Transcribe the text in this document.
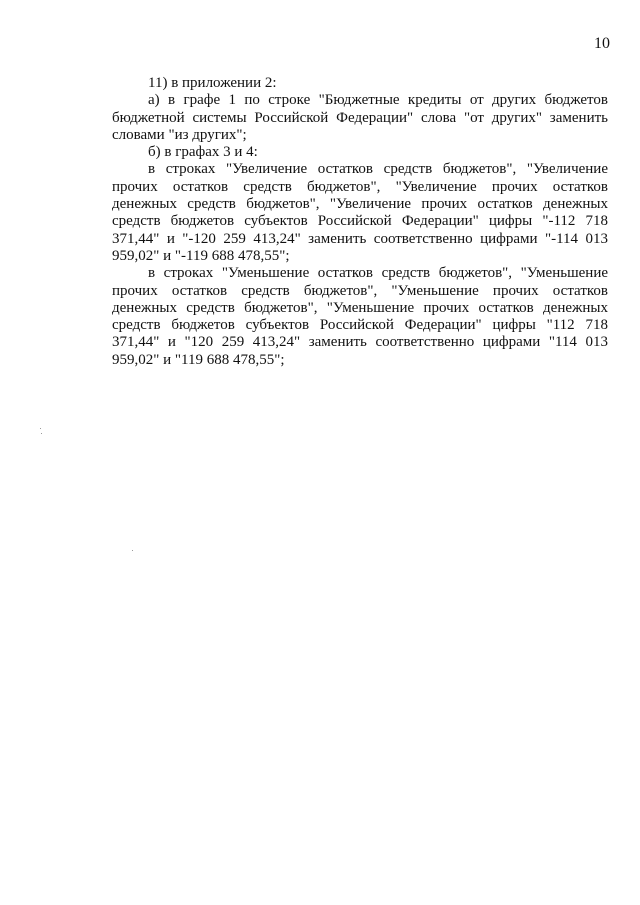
10

11) в приложении 2:

а) в графе 1 по строке "Бюджетные кредиты от других бюджетов бюджетной системы Российской Федерации" слова "от других" заменить словами "из других";

б) в графах 3 и 4:

в строках "Увеличение остатков средств бюджетов", "Увеличение прочих остатков средств бюджетов", "Увеличение прочих остатков денежных средств бюджетов", "Увеличение прочих остатков денежных средств бюджетов субъектов Российской Федерации" цифры "-112 718 371,44" и "-120 259 413,24" заменить соответственно цифрами "-114 013 959,02" и "-119 688 478,55";

в строках "Уменьшение остатков средств бюджетов", "Уменьшение прочих остатков средств бюджетов", "Уменьшение прочих остатков денежных средств бюджетов", "Уменьшение прочих остатков денежных средств бюджетов субъектов Российской Федерации" цифры "112 718 371,44" и "120 259 413,24" заменить соответственно цифрами "114 013 959,02" и "119 688 478,55";
